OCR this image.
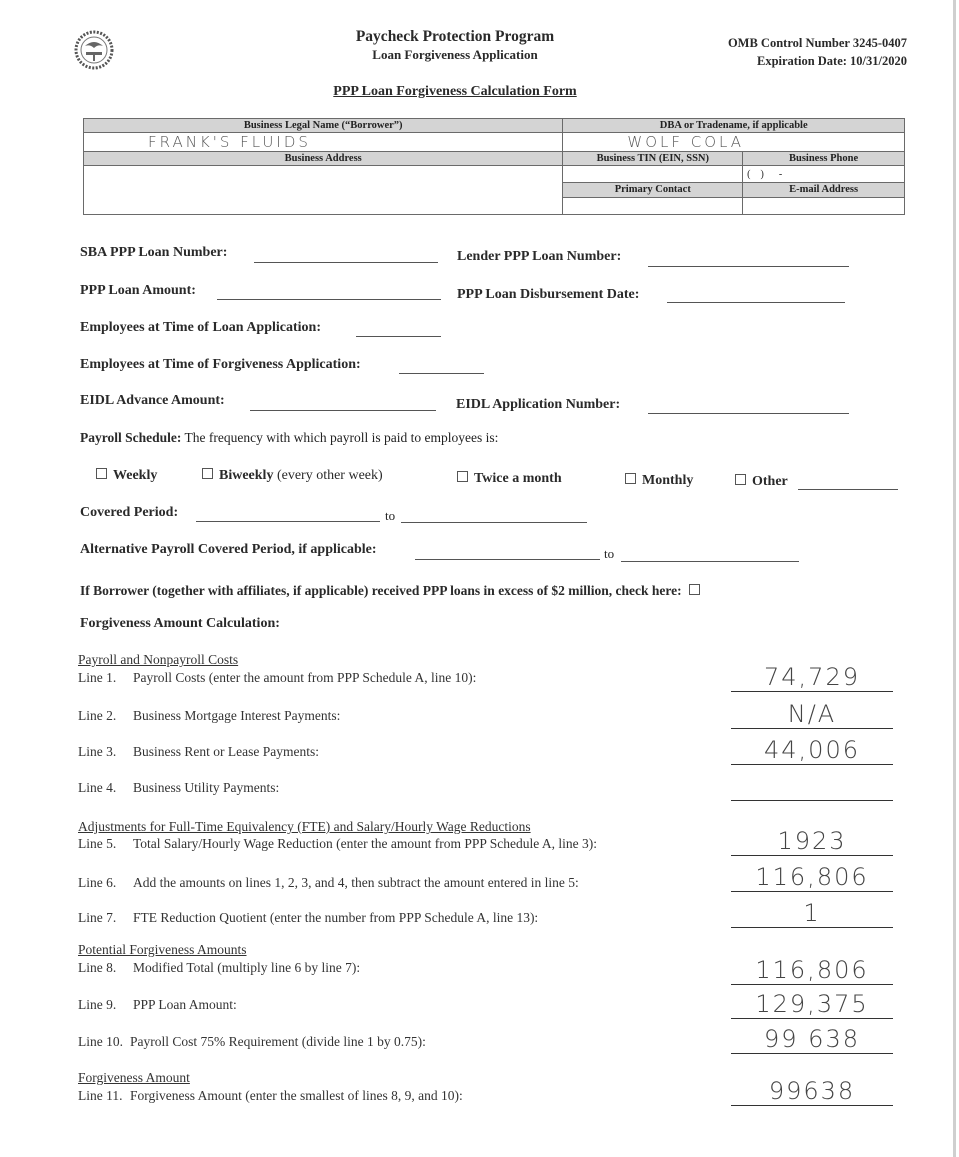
Paycheck Protection Program
Loan Forgiveness Application
PPP Loan Forgiveness Calculation Form
OMB Control Number 3245-0407
Expiration Date: 10/31/2020
Business Legal Name (“Borrower”)	DBA or Tradename, if applicable	
FRANK'S FLUIDS	WOLF COLA	
Business Address	Business TIN (EIN, SSN)	Business Phone
		(    )      -
	Primary Contact	E-mail Address

SBA PPP Loan Number:	Lender PPP Loan Number:
PPP Loan Amount:	PPP Loan Disbursement Date:
Employees at Time of Loan Application:
Employees at Time of Forgiveness Application:
EIDL Advance Amount:	EIDL Application Number:
Payroll Schedule: The frequency with which payroll is paid to employees is:
Weekly	Biweekly (every other week)	Twice a month	Monthly	Other
Covered Period:	to
Alternative Payroll Covered Period, if applicable:	to
If Borrower (together with affiliates, if applicable) received PPP loans in excess of $2 million, check here:
Forgiveness Amount Calculation:
Payroll and Nonpayroll Costs
Adjustments for Full-Time Equivalency (FTE) and Salary/Hourly Wage Reductions
Potential Forgiveness Amounts
Forgiveness Amount
Line 1. Payroll Costs (enter the amount from PPP Schedule A, line 10):	74,729
Line 2. Business Mortgage Interest Payments:	N/A
Line 3. Business Rent or Lease Payments:	44,006
Line 4. Business Utility Payments:
Line 5. Total Salary/Hourly Wage Reduction (enter the amount from PPP Schedule A, line 3):	1923
Line 6. Add the amounts on lines 1, 2, 3, and 4, then subtract the amount entered in line 5:	116,806
Line 7. FTE Reduction Quotient (enter the number from PPP Schedule A, line 13):	1
Line 8. Modified Total (multiply line 6 by line 7):	116,806
Line 9. PPP Loan Amount:	129,375
Line 10. Payroll Cost 75% Requirement (divide line 1 by 0.75):	99 638
Line 11. Forgiveness Amount (enter the smallest of lines 8, 9, and 10):	99638
